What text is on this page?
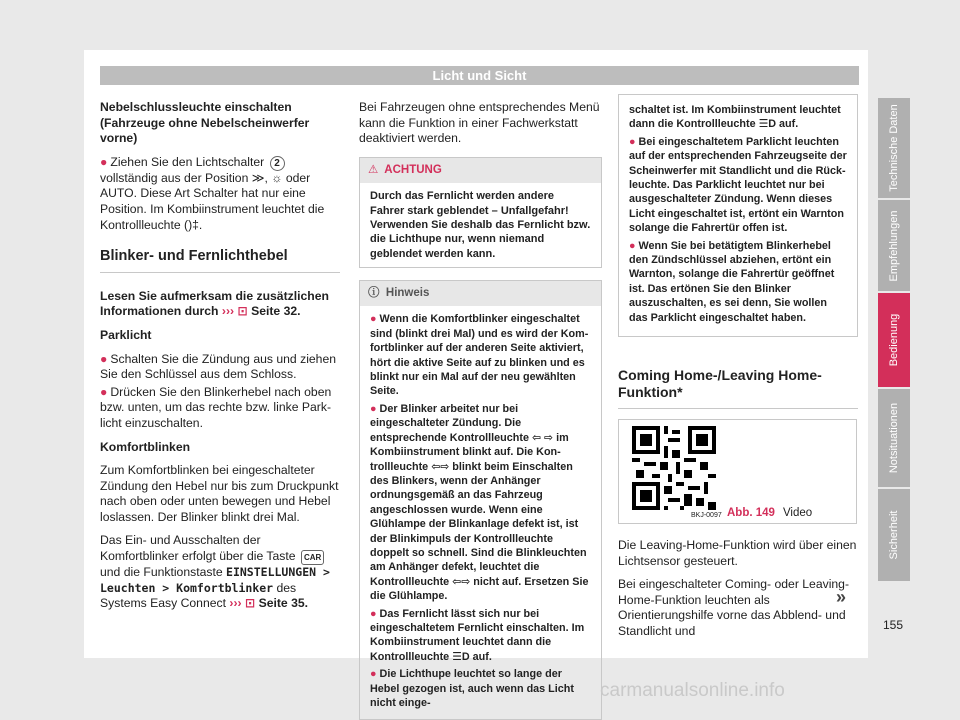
Licht und Sicht

Nebelschlussleuchte einschalten (Fahrzeuge ohne Nebelscheinwerfer vorne)

● Ziehen Sie den Lichtschalter 2 vollständig aus der Position ≫, ☼ oder AUTO. Diese Art Schalter hat nur eine Position. Im Kombiinstrument leuchtet die Kontrollleuchte ()‡.

Blinker- und Fernlichthebel

Lesen Sie aufmerksam die zusätzlichen Informationen durch ››› ⊡ Seite 32.

Parklicht

● Schalten Sie die Zündung aus und ziehen Sie den Schlüssel aus dem Schloss.

● Drücken Sie den Blinkerhebel nach oben bzw. unten, um das rechte bzw. linke Parklicht einzuschalten.

Komfortblinken

Zum Komfortblinken bei eingeschalteter Zündung den Hebel nur bis zum Druckpunkt nach oben oder unten bewegen und Hebel loslassen. Der Blinker blinkt drei Mal.

Das Ein- und Ausschalten der Komfortblinker erfolgt über die Taste CAR und die Funktionstaste EINSTELLUNGEN > Leuchten > Komfortblinker des Systems Easy Connect ››› ⊡ Seite 35.

Bei Fahrzeugen ohne entsprechendes Menü kann die Funktion in einer Fachwerkstatt deaktiviert werden.

⚠ ACHTUNG
Durch das Fernlicht werden andere Fahrer stark geblendet – Unfallgefahr! Verwenden Sie deshalb das Fernlicht bzw. die Lichthupe nur, wenn niemand geblendet werden kann.
ⓘ Hinweis

● Wenn die Komfortblinker eingeschaltet sind (blinkt drei Mal) und es wird der Komfortblinker auf der anderen Seite aktiviert, hört die aktive Seite auf zu blinken und es blinkt nur ein Mal auf der neu gewählten Seite.

● Der Blinker arbeitet nur bei eingeschalteter Zündung. Die entsprechende Kontrollleuchte ⇦ ⇨ im Kombiinstrument blinkt auf. Die Kontrollleuchte ⇦⇨ blinkt beim Einschalten des Blinkers, wenn der Anhänger ordnungsgemäß an das Fahrzeug angeschlossen wurde. Wenn eine Glühlampe der Blinkanlage defekt ist, ist der Blinkimpuls der Kontrollleuchte doppelt so schnell. Sind die Blinkleuchten am Anhänger defekt, leuchtet die Kontrollleuchte ⇦⇨ nicht auf. Ersetzen Sie die Glühlampe.

● Das Fernlicht lässt sich nur bei eingeschaltetem Fernlicht einschalten. Im Kombiinstrument leuchtet dann die Kontrollleuchte ☰D auf.

● Die Lichthupe leuchtet so lange der Hebel gezogen ist, auch wenn das Licht nicht einge-

schaltet ist. Im Kombiinstrument leuchtet dann die Kontrollleuchte ☰D auf.

● Bei eingeschaltetem Parklicht leuchten auf der entsprechenden Fahrzeugseite der Scheinwerfer mit Standlicht und die Rückleuchte. Das Parklicht leuchtet nur bei ausgeschalteter Zündung. Wenn dieses Licht eingeschaltet ist, ertönt ein Warnton solange die Fahrertür offen ist.

● Wenn Sie bei betätigtem Blinkerhebel den Zündschlüssel abziehen, ertönt ein Warnton, solange die Fahrertür geöffnet ist. Das ertönen Sie den Blinker auszuschalten, es sei denn, Sie wollen das Parklicht eingeschaltet haben.

Coming Home-/Leaving Home-Funktion*
BKJ-0097 Abb. 149 Video

Die Leaving-Home-Funktion wird über einen Lichtsensor gesteuert.

Bei eingeschalteter Coming- oder Leaving-Home-Funktion leuchten als Orientierungshilfe vorne das Abblend- und Standlicht und

»
Technische Daten
Empfehlungen
Bedienung
Notsituationen
Sicherheit
155
carmanualsonline.info
